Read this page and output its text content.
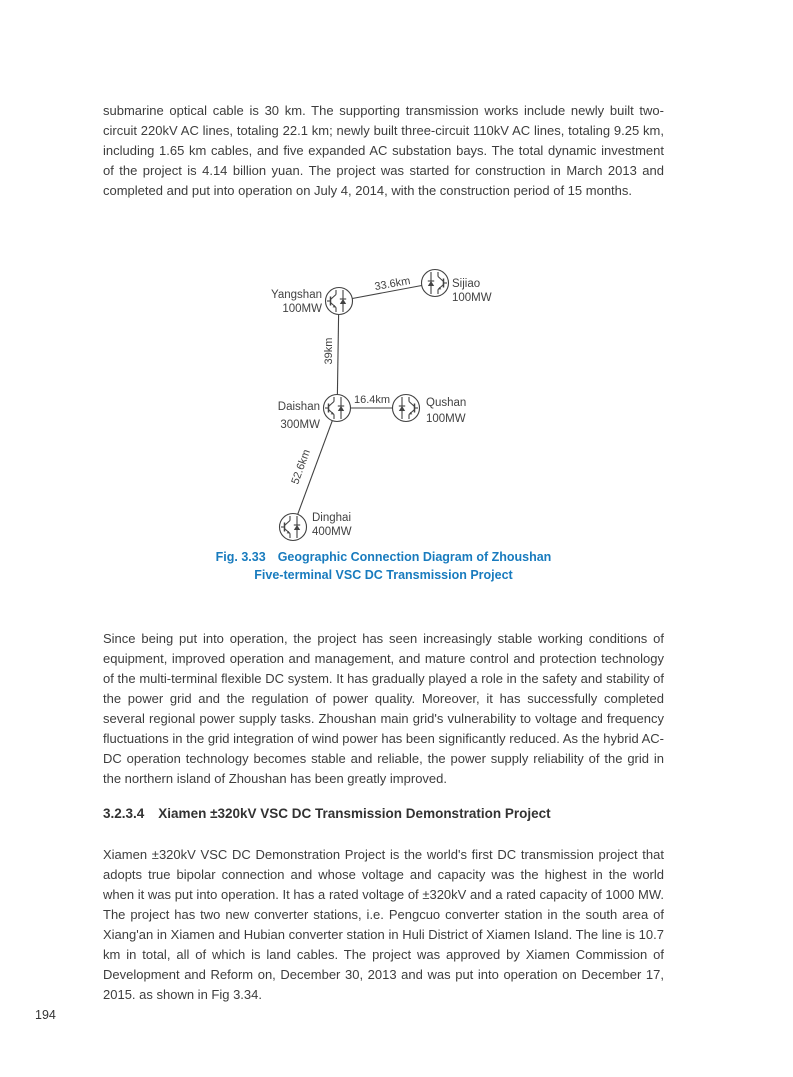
submarine optical cable is 30 km. The supporting transmission works include newly built two-circuit 220kV AC lines, totaling 22.1 km; newly built three-circuit 110kV AC lines, totaling 9.25 km, including 1.65 km cables, and five expanded AC substation bays. The total dynamic investment of the project is 4.14 billion yuan. The project was started for construction in March 2013 and completed and put into operation on July 4, 2014, with the construction period of 15 months.

33.6km
39km
16.4km
52.6km
Yangshan
100MW
Sijiao
100MW
Daishan
300MW
Qushan
100MW
Dinghai
400MW
Fig. 3.33 Geographic Connection Diagram of Zhoushan
Five-terminal VSC DC Transmission Project

Since being put into operation, the project has seen increasingly stable working conditions of equipment, improved operation and management, and mature control and protection technology of the multi-terminal flexible DC system. It has gradually played a role in the safety and stability of the power grid and the regulation of power quality. Moreover, it has successfully completed several regional power supply tasks. Zhoushan main grid's vulnerability to voltage and frequency fluctuations in the grid integration of wind power has been significantly reduced. As the hybrid AC-DC operation technology becomes stable and reliable, the power supply reliability of the grid in the northern island of Zhoushan has been greatly improved.

3.2.3.4 Xiamen ±320kV VSC DC Transmission Demonstration Project

Xiamen ±320kV VSC DC Demonstration Project is the world's first DC transmission project that adopts true bipolar connection and whose voltage and capacity was the highest in the world when it was put into operation. It has a rated voltage of ±320kV and a rated capacity of 1000 MW. The project has two new converter stations, i.e. Pengcuo converter station in the south area of Xiang'an in Xiamen and Hubian converter station in Huli District of Xiamen Island. The line is 10.7 km in total, all of which is land cables. The project was approved by Xiamen Commission of Development and Reform on, December 30, 2013 and was put into operation on December 17, 2015. as shown in Fig 3.34.

194
